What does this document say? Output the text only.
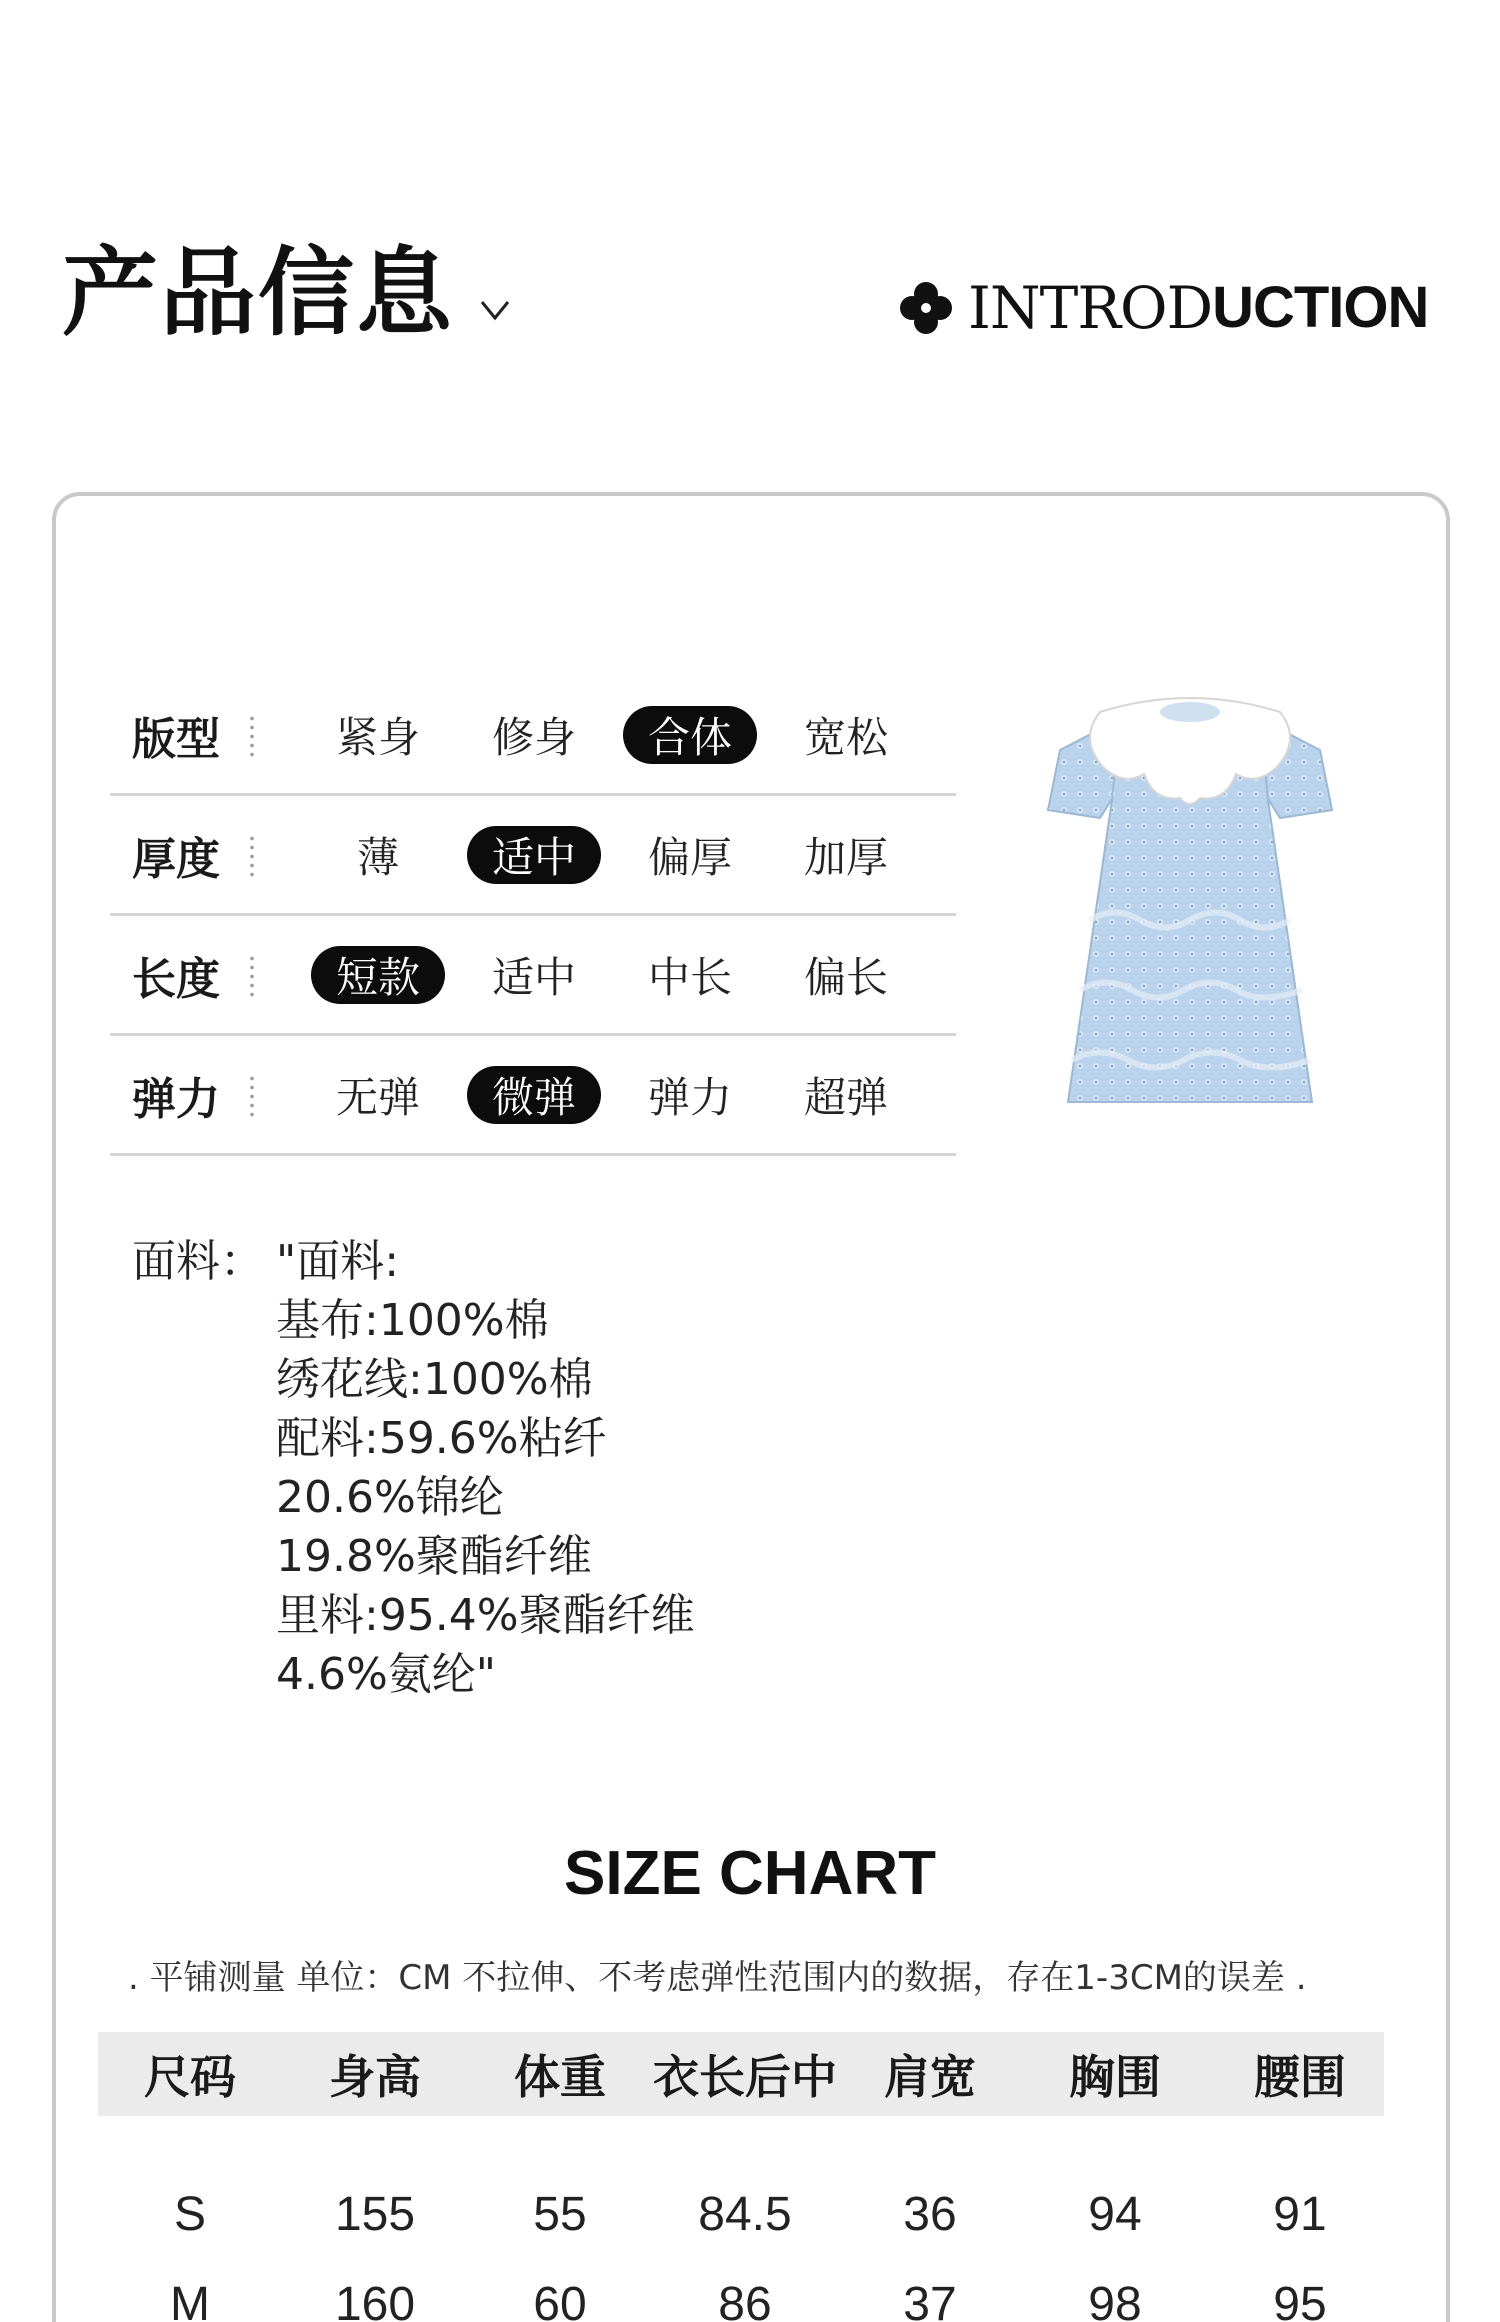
产品信息	INTROD UCTION
版型	紧身	修身	合体	宽松
厚度	薄	适中	偏厚	加厚
长度	短款	适中	中长	偏长
弹力	无弹	微弹	弹力	超弹
面料： "面料:
基布:100%棉
绣花线:100%棉
配料:59.6%粘纤
20.6%锦纶
19.8%聚酯纤维
里料:95.4%聚酯纤维
4.6%氨纶"
SIZE CHART
. 平铺测量 单位：CM 不拉伸、不考虑弹性范围内的数据，存在1-3CM的误差 .
尺码 身高 体重 衣长后中 肩宽 胸围 腰围
S	155 55 84.5 36	94	91
M	160 60	86	37	98	95
